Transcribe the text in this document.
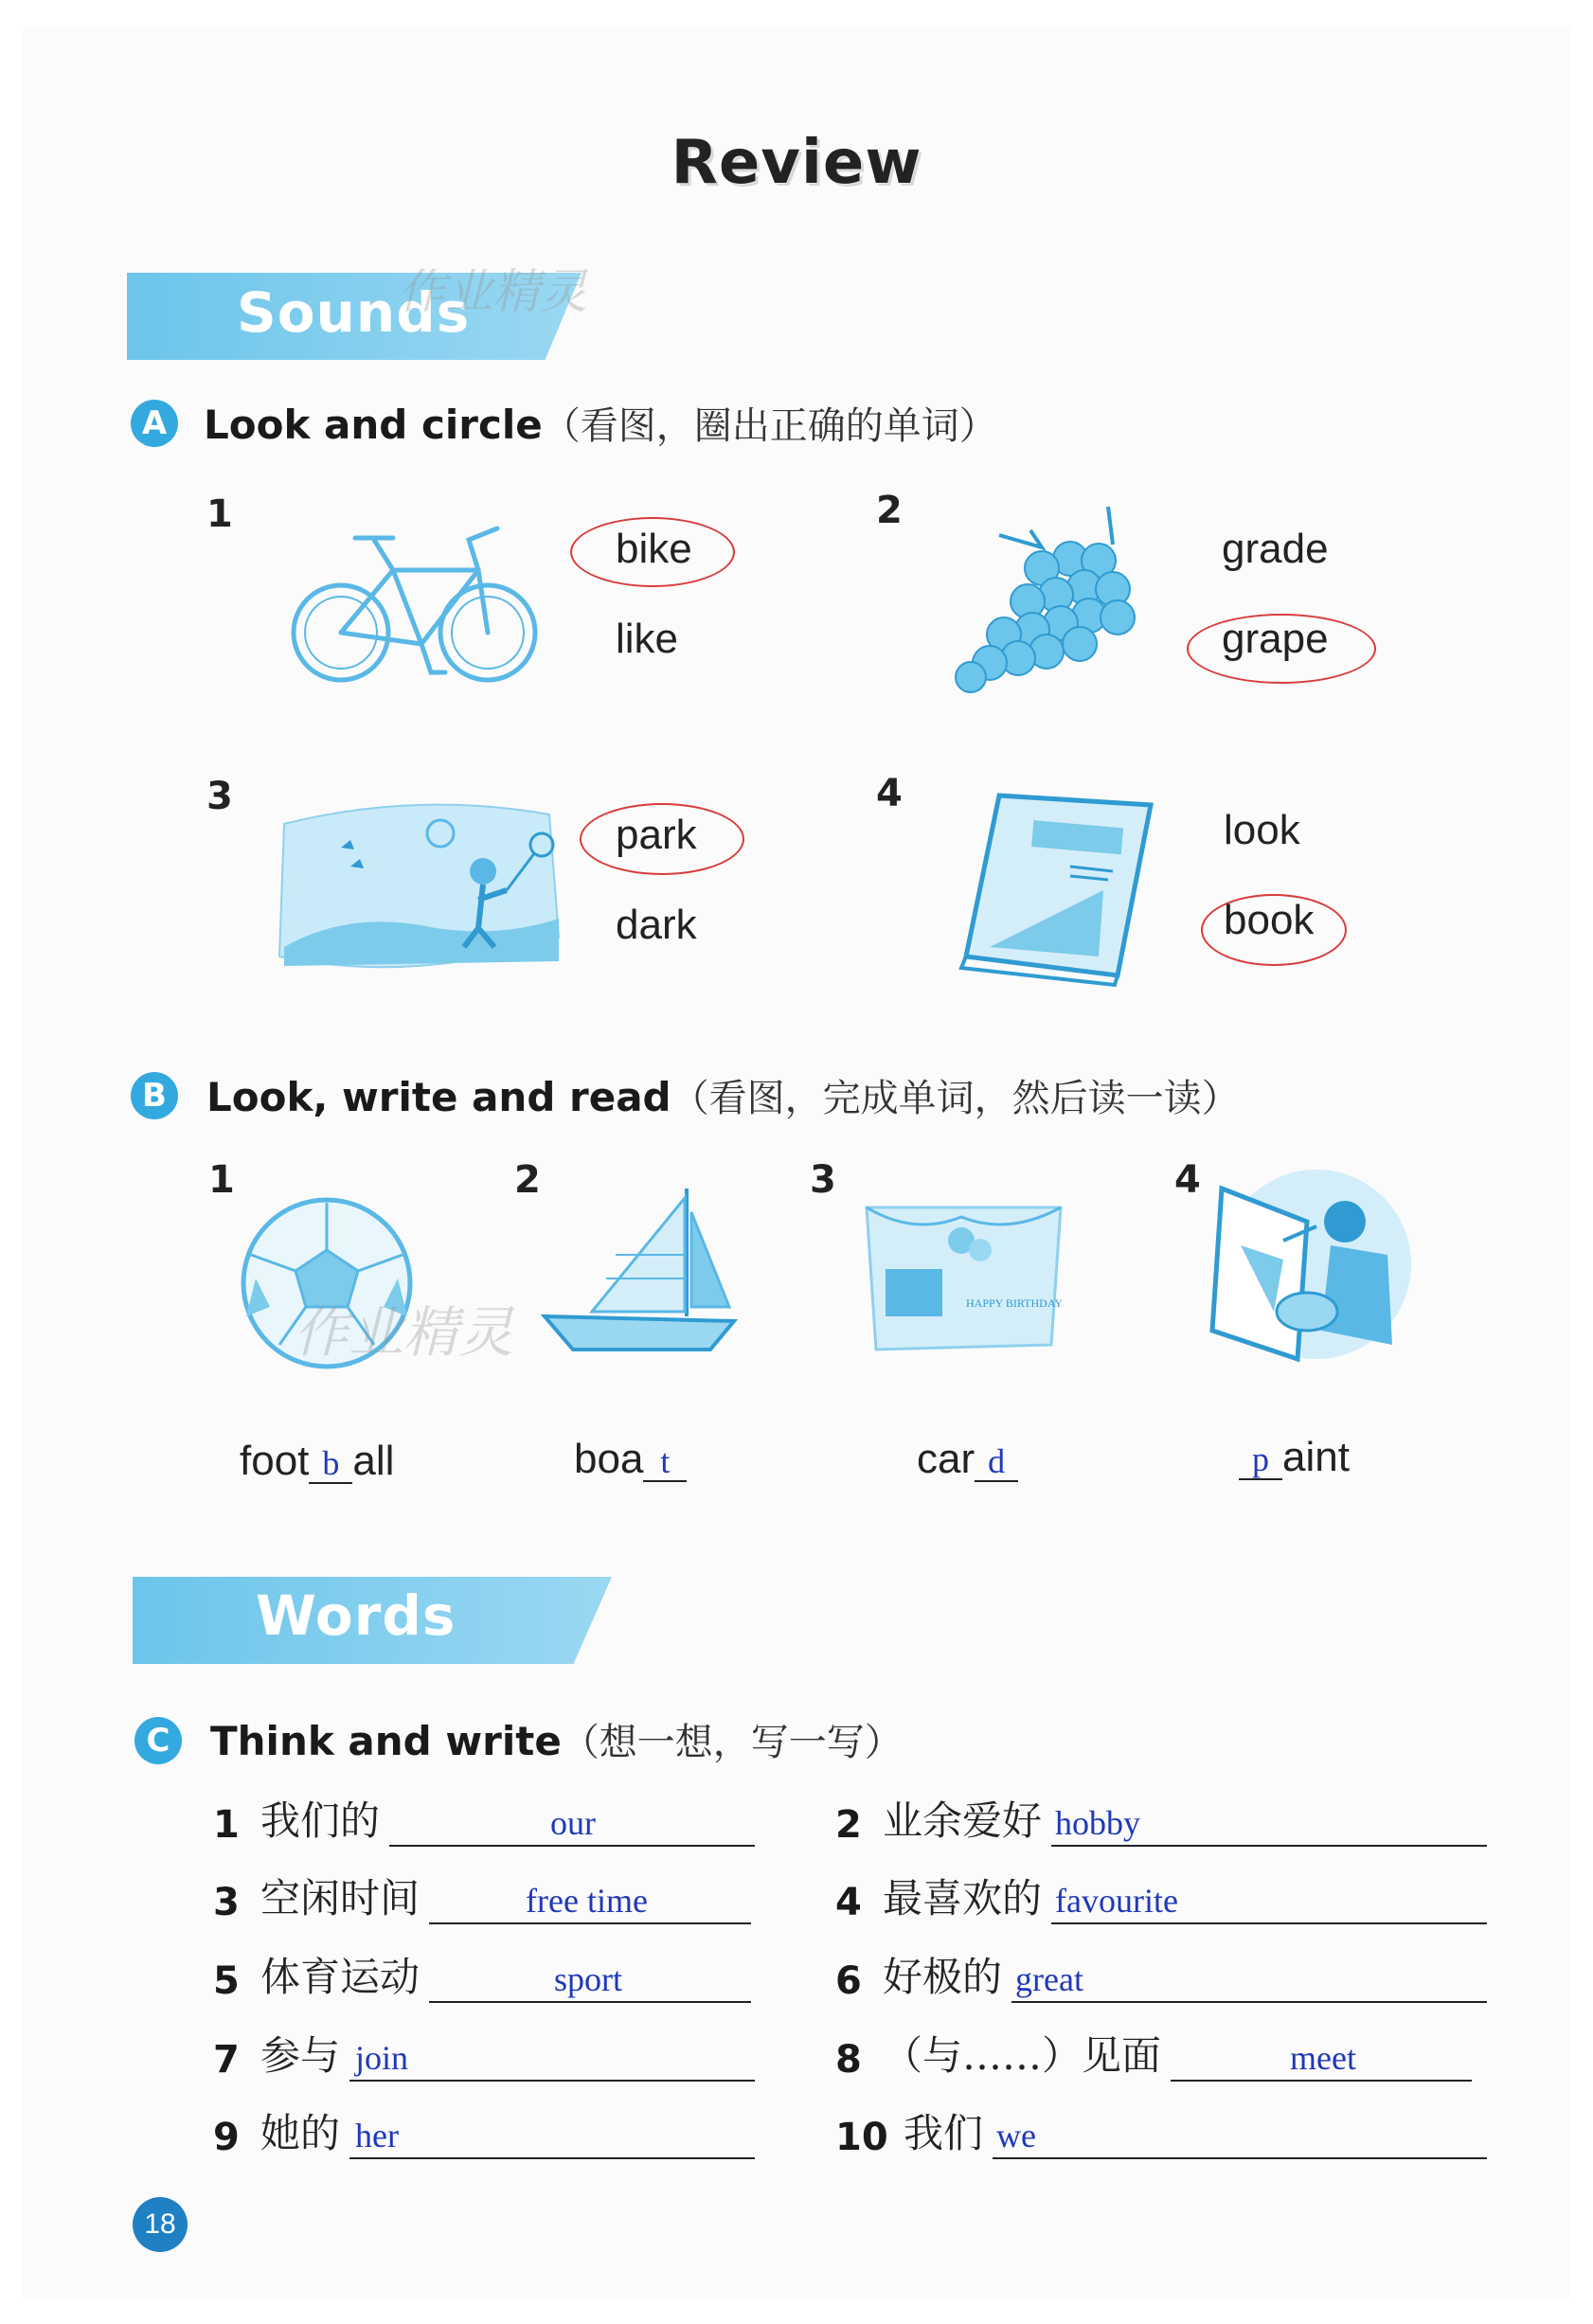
Review
Sounds
作业精灵
A Look and circle（看图，圈出正确的单词）
1
bike
like
2
grade
grape
3
park
dark
4
look
book
B Look, write and read（看图，完成单词，然后读一读）
1	2	3
HAPPY BIRTHDAY
4
作业精灵
foot b all	boa t	car d	p aint
Words
C Think and write（想一想，写一写）
1 我们的	our
3 空闲时间	free time
5 体育运动	sport
7 参与 join
9 她的 her
2 业余爱好 hobby
4 最喜欢的 favourite
6 好极的 great
8 （与……）见面	meet
10 我们 we
18
